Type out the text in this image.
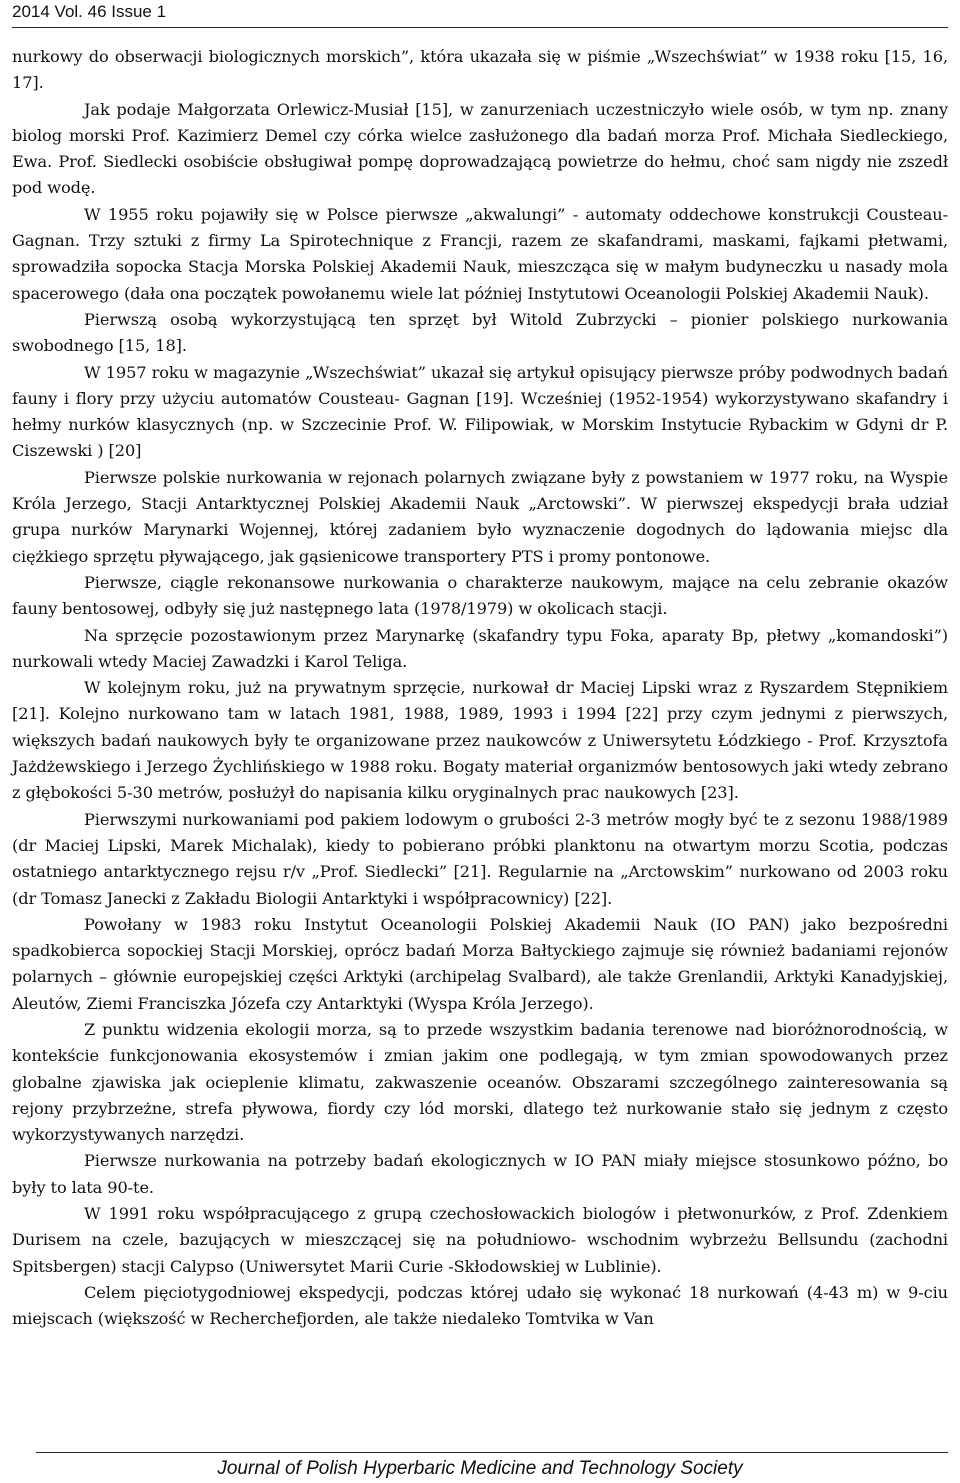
2014 Vol. 46 Issue 1

nurkowy do obserwacji biologicznych morskich”, która ukazała się w piśmie „Wszechświat” w 1938 roku [15, 16, 17].

Jak podaje Małgorzata Orlewicz-Musiał [15], w zanurzeniach uczestniczyło wiele osób, w tym np. znany biolog morski Prof. Kazimierz Demel czy córka wielce zasłużonego dla badań morza Prof. Michała Siedleckiego, Ewa. Prof. Siedlecki osobiście obsługiwał pompę doprowadzającą powietrze do hełmu, choć sam nigdy nie zszedł pod wodę.

W 1955 roku pojawiły się w Polsce pierwsze „akwalungi” - automaty oddechowe konstrukcji Cousteau-Gagnan. Trzy sztuki z firmy La Spirotechnique z Francji, razem ze skafandrami, maskami, fajkami płetwami, sprowadziła sopocka Stacja Morska Polskiej Akademii Nauk, mieszcząca się w małym budyneczku u nasady mola spacerowego (dała ona początek powołanemu wiele lat później Instytutowi Oceanologii Polskiej Akademii Nauk).

Pierwszą osobą wykorzystującą ten sprzęt był Witold Zubrzycki – pionier polskiego nurkowania swobodnego [15, 18].

W 1957 roku w magazynie „Wszechświat” ukazał się artykuł opisujący pierwsze próby podwodnych badań fauny i flory przy użyciu automatów Cousteau- Gagnan [19]. Wcześniej (1952-1954) wykorzystywano skafandry i hełmy nurków klasycznych (np. w Szczecinie Prof. W. Filipowiak, w Morskim Instytucie Rybackim w Gdyni dr P. Ciszewski ) [20]

Pierwsze polskie nurkowania w rejonach polarnych związane były z powstaniem w 1977 roku, na Wyspie Króla Jerzego, Stacji Antarktycznej Polskiej Akademii Nauk „Arctowski”. W pierwszej ekspedycji brała udział grupa nurków Marynarki Wojennej, której zadaniem było wyznaczenie dogodnych do lądowania miejsc dla ciężkiego sprzętu pływającego, jak gąsienicowe transportery PTS i promy pontonowe.

Pierwsze, ciągle rekonansowe nurkowania o charakterze naukowym, mające na celu zebranie okazów fauny bentosowej, odbyły się już następnego lata (1978/1979) w okolicach stacji.

Na sprzęcie pozostawionym przez Marynarkę (skafandry typu Foka, aparaty Bp, płetwy „komandoski”) nurkowali wtedy Maciej Zawadzki i Karol Teliga.

W kolejnym roku, już na prywatnym sprzęcie, nurkował dr Maciej Lipski wraz z Ryszardem Stępnikiem [21]. Kolejno nurkowano tam w latach 1981, 1988, 1989, 1993 i 1994 [22] przy czym jednymi z pierwszych, większych badań naukowych były te organizowane przez naukowców z Uniwersytetu Łódzkiego - Prof. Krzysztofa Jażdżewskiego i Jerzego Żychlińskiego w 1988 roku. Bogaty materiał organizmów bentosowych jaki wtedy zebrano z głębokości 5-30 metrów, posłużył do napisania kilku oryginalnych prac naukowych [23].

Pierwszymi nurkowaniami pod pakiem lodowym o grubości 2-3 metrów mogły być te z sezonu 1988/1989 (dr Maciej Lipski, Marek Michalak), kiedy to pobierano próbki planktonu na otwartym morzu Scotia, podczas ostatniego antarktycznego rejsu r/v „Prof. Siedlecki” [21]. Regularnie na „Arctowskim” nurkowano od 2003 roku (dr Tomasz Janecki z Zakładu Biologii Antarktyki i współpracownicy) [22].

Powołany w 1983 roku Instytut Oceanologii Polskiej Akademii Nauk (IO PAN) jako bezpośredni spadkobierca sopockiej Stacji Morskiej, oprócz badań Morza Bałtyckiego zajmuje się również badaniami rejonów polarnych – głównie europejskiej części Arktyki (archipelag Svalbard), ale także Grenlandii, Arktyki Kanadyjskiej, Aleutów, Ziemi Franciszka Józefa czy Antarktyki (Wyspa Króla Jerzego).

Z punktu widzenia ekologii morza, są to przede wszystkim badania terenowe nad bioróżnorodnością, w kontekście funkcjonowania ekosystemów i zmian jakim one podlegają, w tym zmian spowodowanych przez globalne zjawiska jak ocieplenie klimatu, zakwaszenie oceanów. Obszarami szczególnego zainteresowania są rejony przybrzeżne, strefa pływowa, fiordy czy lód morski, dlatego też nurkowanie stało się jednym z często wykorzystywanych narzędzi.

Pierwsze nurkowania na potrzeby badań ekologicznych w IO PAN miały miejsce stosunkowo późno, bo były to lata 90-te.

W 1991 roku współpracującego z grupą czechosłowackich biologów i płetwonurków, z Prof. Zdenkiem Durisem na czele, bazujących w mieszczącej się na południowo- wschodnim wybrzeżu Bellsundu (zachodni Spitsbergen) stacji Calypso (Uniwersytet Marii Curie -Skłodowskiej w Lublinie).

Celem pięciotygodniowej ekspedycji, podczas której udało się wykonać 18 nurkowań (4-43 m) w 9-ciu miejscach (większość w Recherchefjorden, ale także niedaleko Tomtvika w Van

Journal of Polish Hyperbaric Medicine and Technology Society
